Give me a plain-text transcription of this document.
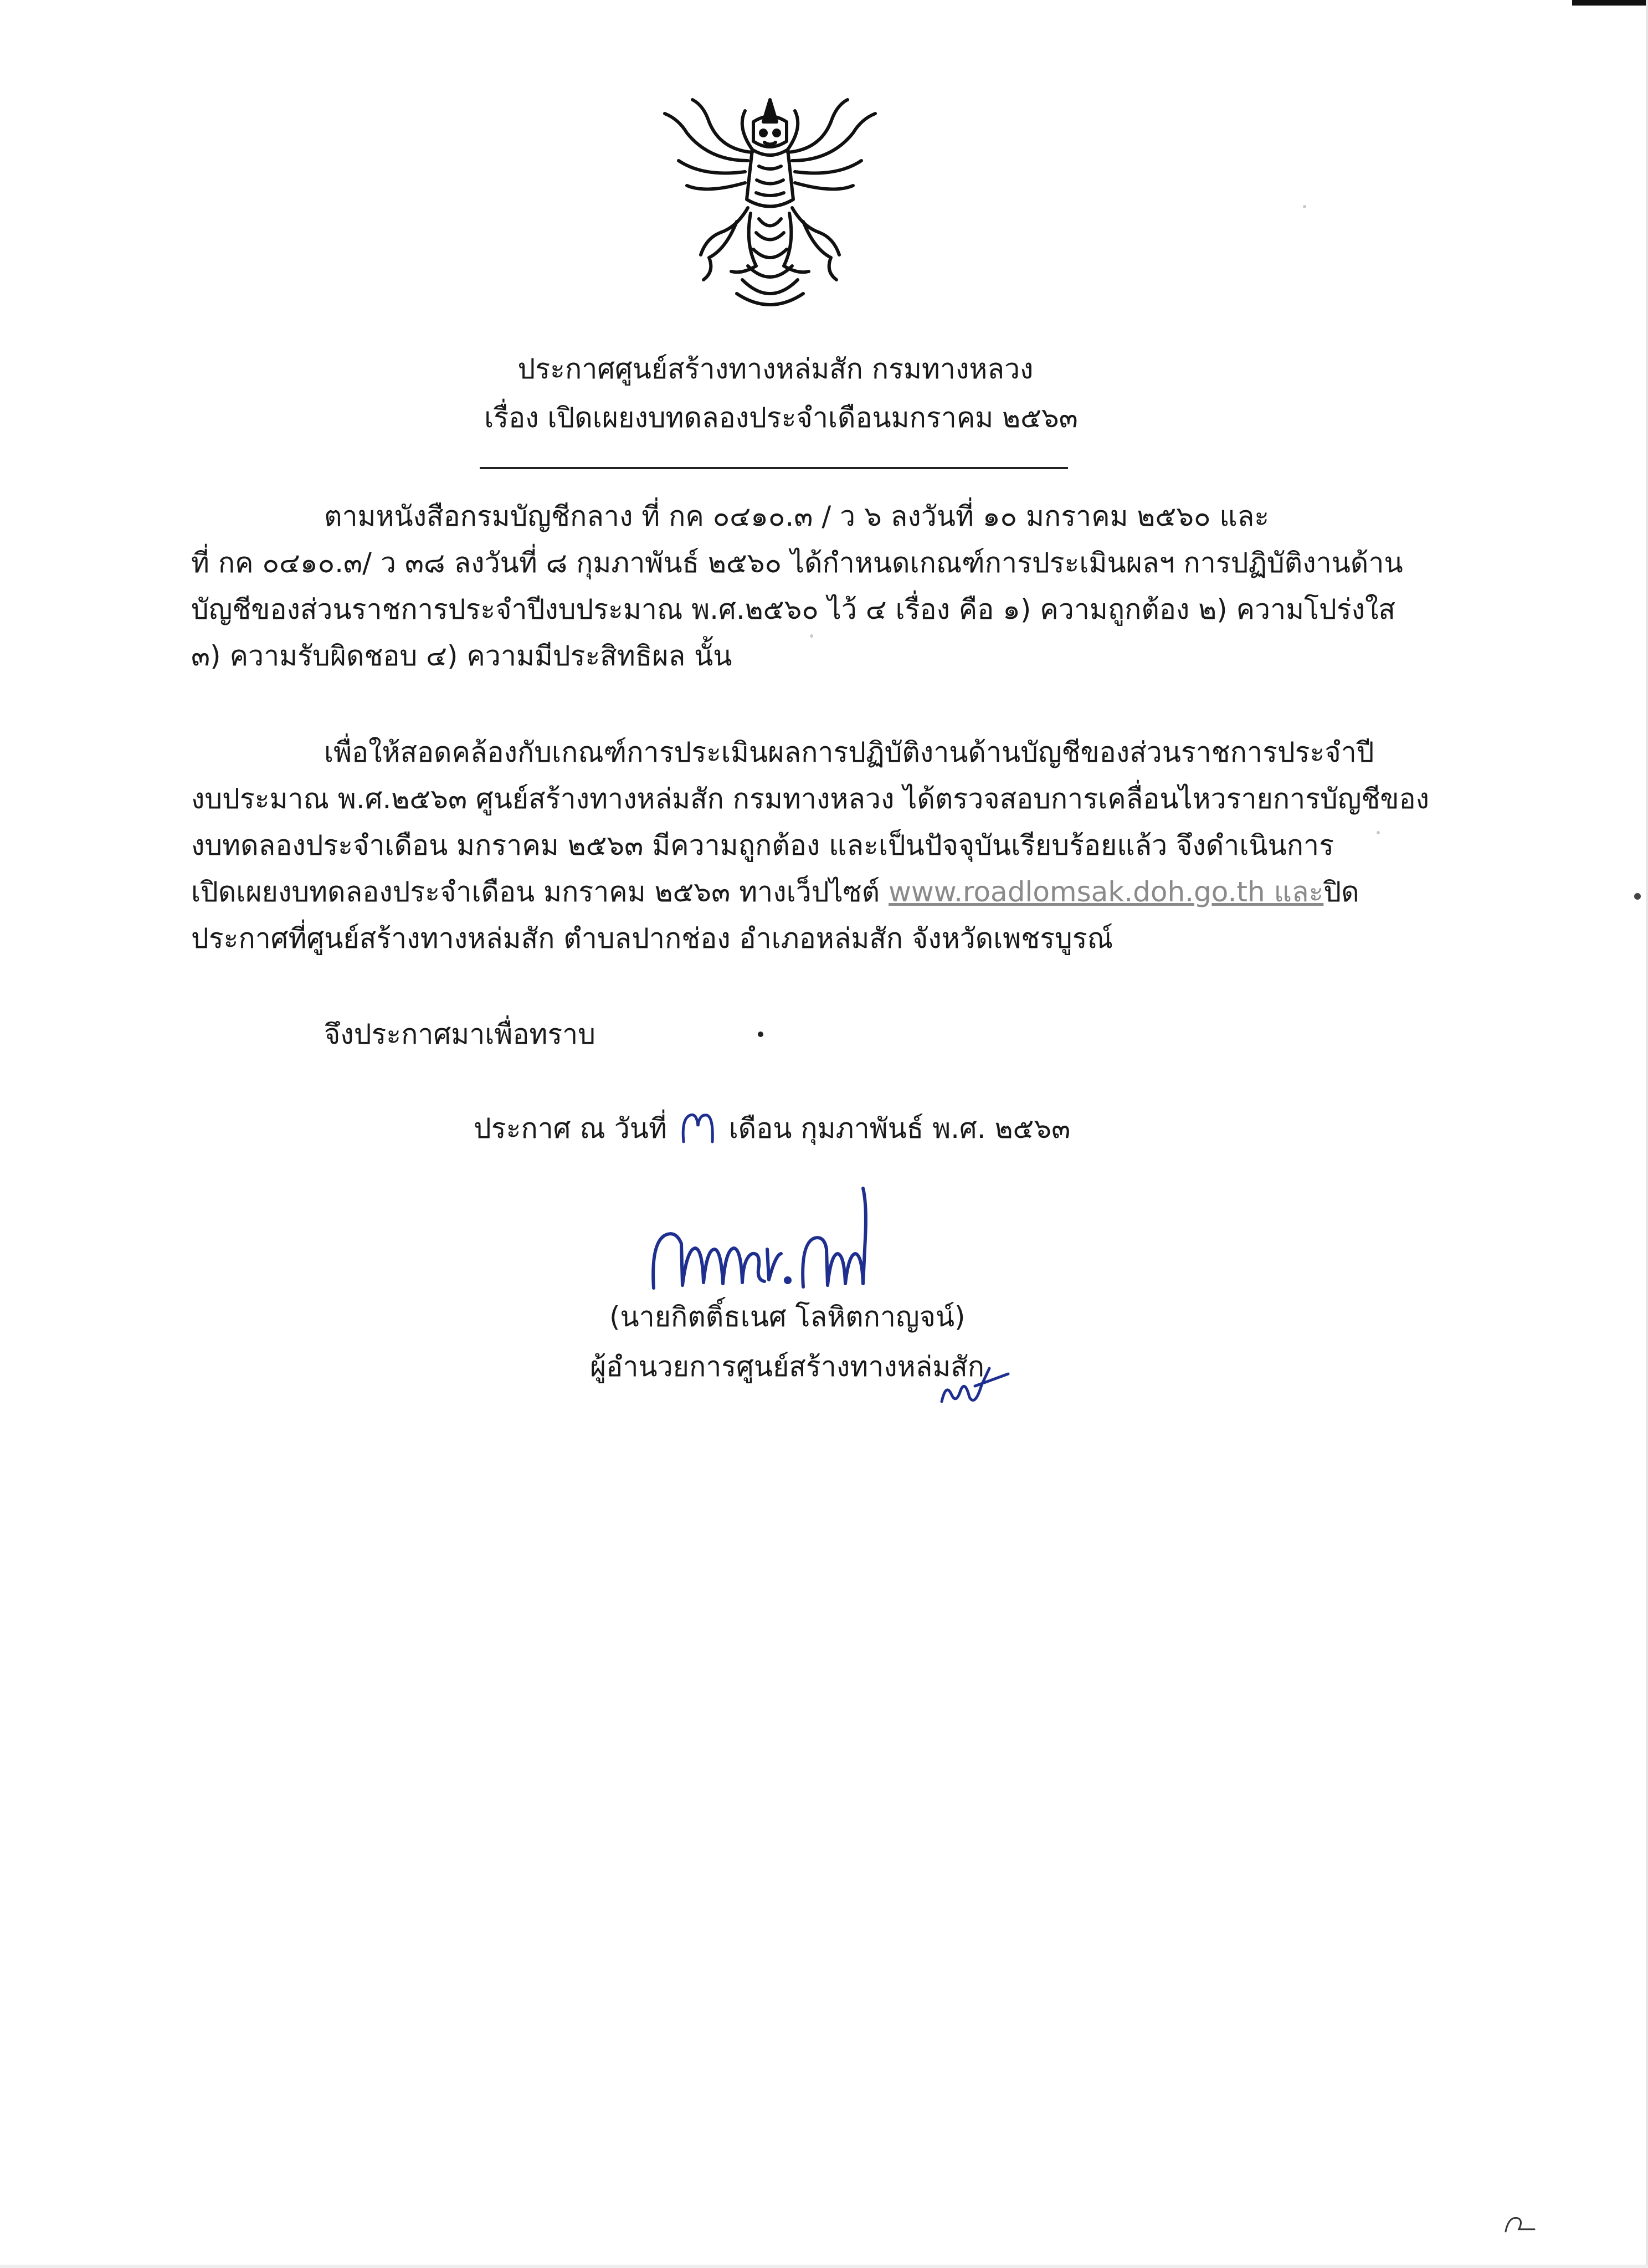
ประกาศศูนย์สร้างทางหล่มสัก กรมทางหลวง
เรื่อง เปิดเผยงบทดลองประจำเดือนมกราคม ๒๕๖๓
ตามหนังสือกรมบัญชีกลาง ที่ กค ๐๔๑๐.๓ / ว ๖ ลงวันที่ ๑๐ มกราคม ๒๕๖๐ และ
ที่ กค ๐๔๑๐.๓/ ว ๓๘ ลงวันที่ ๘ กุมภาพันธ์ ๒๕๖๐ ได้กำหนดเกณฑ์การประเมินผลฯ การปฏิบัติงานด้าน
บัญชีของส่วนราชการประจำปีงบประมาณ พ.ศ.๒๕๖๐ ไว้ ๔ เรื่อง คือ ๑) ความถูกต้อง ๒) ความโปร่งใส
๓) ความรับผิดชอบ ๔) ความมีประสิทธิผล นั้น
เพื่อให้สอดคล้องกับเกณฑ์การประเมินผลการปฏิบัติงานด้านบัญชีของส่วนราชการประจำปี
งบประมาณ พ.ศ.๒๕๖๓ ศูนย์สร้างทางหล่มสัก กรมทางหลวง ได้ตรวจสอบการเคลื่อนไหวรายการบัญชีของ
งบทดลองประจำเดือน มกราคม ๒๕๖๓ มีความถูกต้อง และเป็นปัจจุบันเรียบร้อยแล้ว จึงดำเนินการ
เปิดเผยงบทดลองประจำเดือน มกราคม ๒๕๖๓ ทางเว็ปไซต์ www.roadlomsak.doh.go.th และปิด
ประกาศที่ศูนย์สร้างทางหล่มสัก ตำบลปากช่อง อำเภอหล่มสัก จังหวัดเพชรบูรณ์
จึงประกาศมาเพื่อทราบ
ประกาศ ณ วันที่  เดือน กุมภาพันธ์ พ.ศ. ๒๕๖๓
(นายกิตติ์ธเนศ โลหิตกาญจน์)
ผู้อำนวยการศูนย์สร้างทางหล่มสัก
